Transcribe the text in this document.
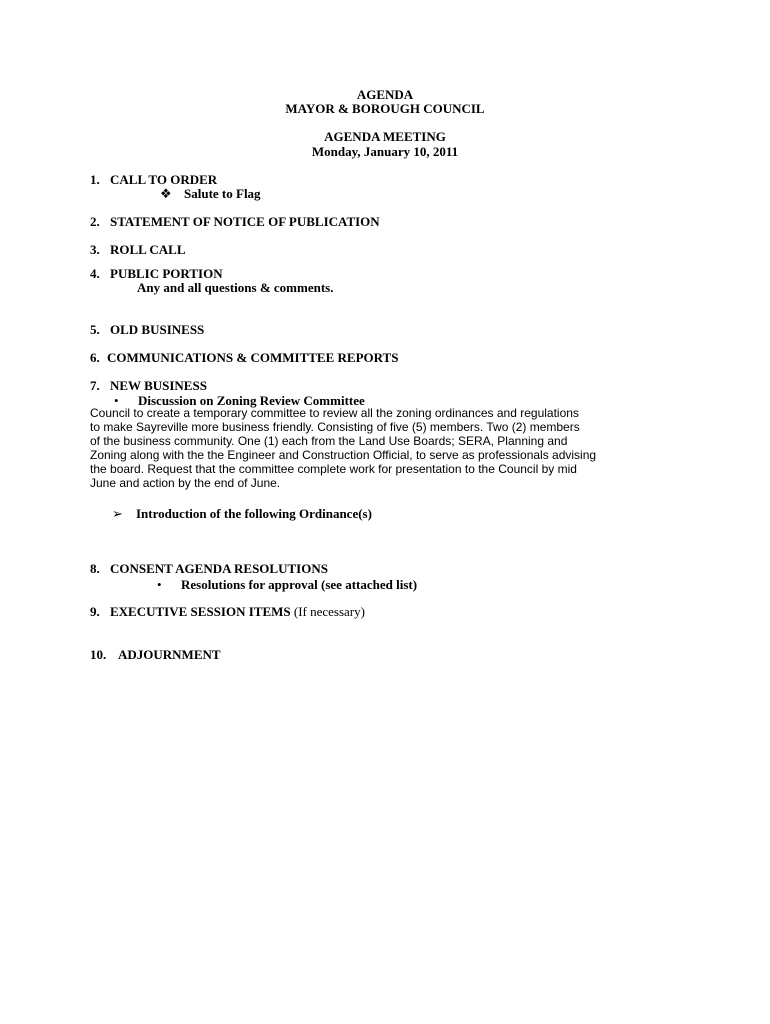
AGENDA
MAYOR & BOROUGH COUNCIL
AGENDA MEETING
Monday, January 10, 2011
1. CALL TO ORDER
❖ Salute to Flag
2. STATEMENT OF NOTICE OF PUBLICATION
3. ROLL CALL
4. PUBLIC PORTION
Any and all questions & comments.
5. OLD BUSINESS
6. COMMUNICATIONS & COMMITTEE REPORTS
7. NEW BUSINESS
• Discussion on Zoning Review Committee
Council to create a temporary committee to review all the zoning ordinances and regulations
to make Sayreville more business friendly. Consisting of five (5) members. Two (2) members
of the business community. One (1) each from the Land Use Boards; SERA, Planning and
Zoning along with the the Engineer and Construction Official, to serve as professionals advising
the board. Request that the committee complete work for presentation to the Council by mid
June and action by the end of June.
➢ Introduction of the following Ordinance(s)
8. CONSENT AGENDA RESOLUTIONS
• Resolutions for approval (see attached list)
9. EXECUTIVE SESSION ITEMS (If necessary)
10. ADJOURNMENT
